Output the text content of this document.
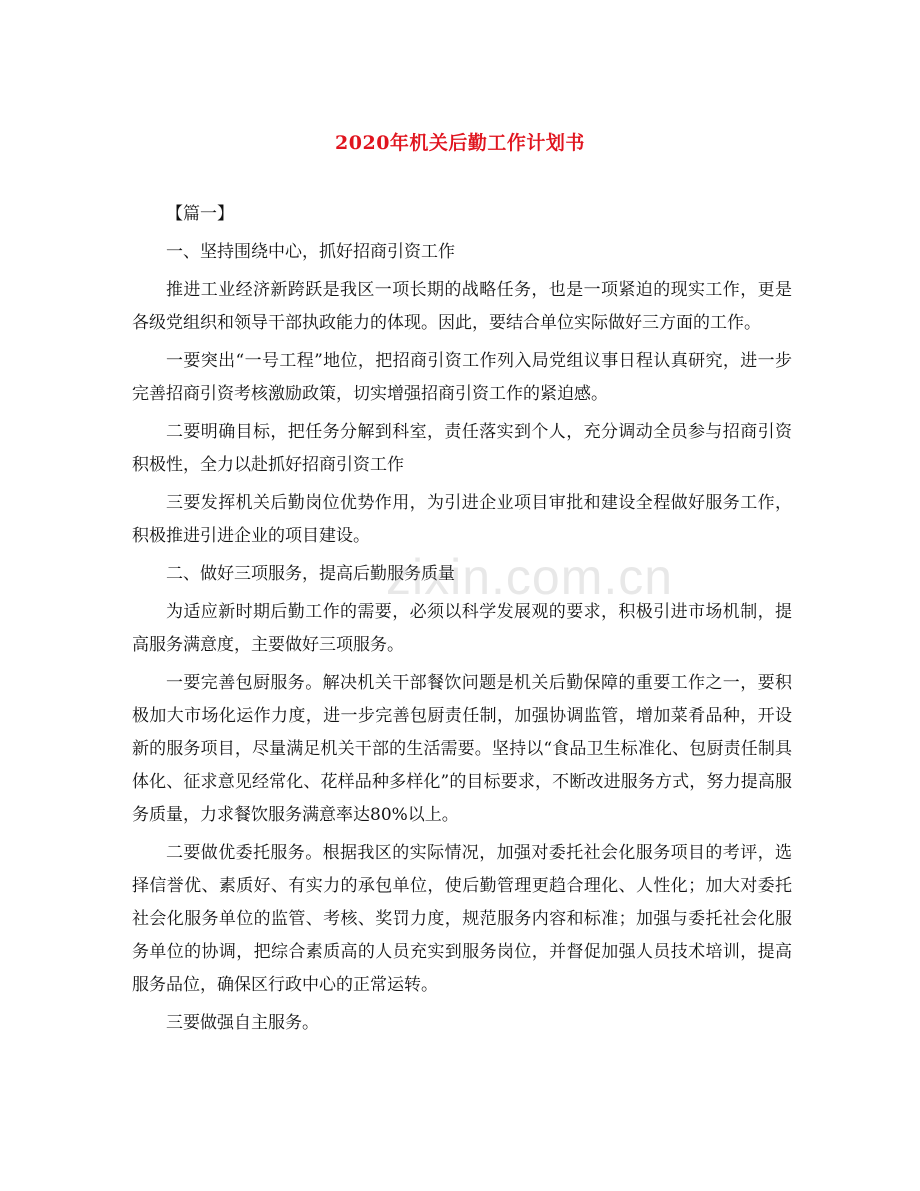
2020年机关后勤工作计划书

【篇一】

一、坚持围绕中心，抓好招商引资工作

推进工业经济新跨跃是我区一项长期的战略任务，也是一项紧迫的现实工作，更是各级党组织和领导干部执政能力的体现。因此，要结合单位实际做好三方面的工作。

一要突出“一号工程”地位，把招商引资工作列入局党组议事日程认真研究，进一步完善招商引资考核激励政策，切实增强招商引资工作的紧迫感。

二要明确目标，把任务分解到科室，责任落实到个人，充分调动全员参与招商引资积极性，全力以赴抓好招商引资工作

三要发挥机关后勤岗位优势作用，为引进企业项目审批和建设全程做好服务工作，积极推进引进企业的项目建设。

二、做好三项服务，提高后勤服务质量

为适应新时期后勤工作的需要，必须以科学发展观的要求，积极引进市场机制，提高服务满意度，主要做好三项服务。

一要完善包厨服务。解决机关干部餐饮问题是机关后勤保障的重要工作之一，要积极加大市场化运作力度，进一步完善包厨责任制，加强协调监管，增加菜肴品种，开设新的服务项目，尽量满足机关干部的生活需要。坚持以“食品卫生标准化、包厨责任制具体化、征求意见经常化、花样品种多样化”的目标要求，不断改进服务方式，努力提高服务质量，力求餐饮服务满意率达80%以上。

二要做优委托服务。根据我区的实际情况，加强对委托社会化服务项目的考评，选择信誉优、素质好、有实力的承包单位，使后勤管理更趋合理化、人性化；加大对委托社会化服务单位的监管、考核、奖罚力度，规范服务内容和标准；加强与委托社会化服务单位的协调，把综合素质高的人员充实到服务岗位，并督促加强人员技术培训，提高服务品位，确保区行政中心的正常运转。

三要做强自主服务。

zixin.com.cn
